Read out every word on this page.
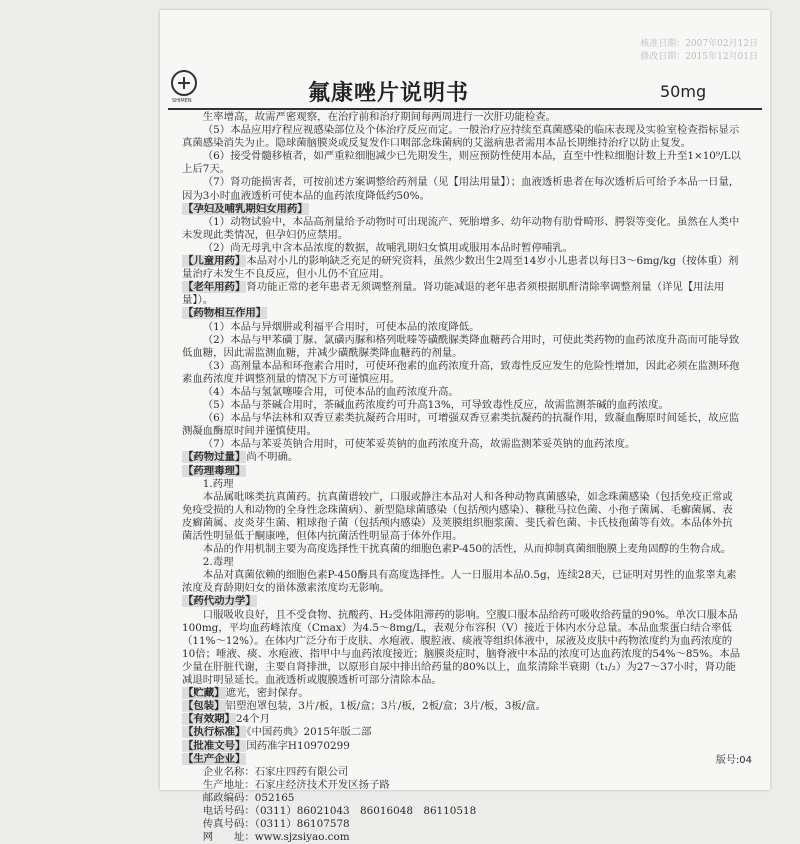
核准日期：2007年02月12日
修改日期：2015年12月01日
SHIMEN	氟康唑片说明书	50mg

生率增高，故需严密观察，在治疗前和治疗期间每两周进行一次肝功能检查。

（5）本品应用疗程应视感染部位及个体治疗反应而定。一般治疗应持续至真菌感染的临床表现及实验室检查指标显示真菌感染消失为止。隐球菌脑膜炎或反复发作口咽部念珠菌病的艾滋病患者需用本品长期维持治疗以防止复发。

（6）接受骨髓移植者，如严重粒细胞减少已先期发生，则应预防性使用本品，直至中性粒细胞计数上升至1×10⁹/L以上后7天。

（7）肾功能损害者，可按前述方案调整给药剂量（见【用法用量】）；血液透析患者在每次透析后可给予本品一日量，因为3小时血液透析可使本品的血药浓度降低约50%。

【孕妇及哺乳期妇女用药】

（1）动物试验中，本品高剂量给予动物时可出现流产、死胎增多、幼年动物有肋骨畸形、腭裂等变化。虽然在人类中未发现此类情况，但孕妇仍应禁用。

（2）尚无母乳中含本品浓度的数据，故哺乳期妇女慎用或服用本品时暂停哺乳。

【儿童用药】本品对小儿的影响缺乏充足的研究资料，虽然少数出生2周至14岁小儿患者以每日3～6mg/kg（按体重）剂量治疗未发生不良反应，但小儿仍不宜应用。

【老年用药】肾功能正常的老年患者无须调整剂量。肾功能减退的老年患者须根据肌酐清除率调整剂量（详见【用法用量】）。

【药物相互作用】

（1）本品与异烟肼或利福平合用时，可使本品的浓度降低。

（2）本品与甲苯磺丁脲、氯磺丙脲和格列吡嗪等磺酰脲类降血糖药合用时，可使此类药物的血药浓度升高而可能导致低血糖，因此需监测血糖，并减少磺酰脲类降血糖药的剂量。

（3）高剂量本品和环孢素合用时，可使环孢素的血药浓度升高，致毒性反应发生的危险性增加，因此必须在监测环孢素血药浓度并调整剂量的情况下方可谨慎应用。

（4）本品与氢氯噻嗪合用，可使本品的血药浓度升高。

（5）本品与茶碱合用时，茶碱血药浓度约可升高13%，可导致毒性反应，故需监测茶碱的血药浓度。

（6）本品与华法林和双香豆素类抗凝药合用时，可增强双香豆素类抗凝药的抗凝作用，致凝血酶原时间延长，故应监测凝血酶原时间并谨慎使用。

（7）本品与苯妥英钠合用时，可使苯妥英钠的血药浓度升高，故需监测苯妥英钠的血药浓度。

【药物过量】尚不明确。

【药理毒理】

1.药理

本品属吡咪类抗真菌药。抗真菌谱较广，口服或静注本品对人和各种动物真菌感染，如念珠菌感染（包括免疫正常或免疫受损的人和动物的全身性念珠菌病）、新型隐球菌感染（包括颅内感染）、糠秕马拉色菌、小孢子菌属、毛癣菌属、表皮癣菌属、皮炎芽生菌、粗球孢子菌（包括颅内感染）及荚膜组织胞浆菌、斐氏着色菌、卡氏枝孢菌等有效。本品体外抗菌活性明显低于酮康唑，但体内抗菌活性明显高于体外作用。

本品的作用机制主要为高度选择性干扰真菌的细胞色素P-450的活性，从而抑制真菌细胞膜上麦角固醇的生物合成。

2.毒理

本品对真菌依赖的细胞色素P-450酶具有高度选择性。人一日服用本品0.5g，连续28天，已证明对男性的血浆睾丸素浓度及育龄期妇女的甾体激素浓度均无影响。

【药代动力学】

口服吸收良好，且不受食物、抗酸药、H₂受体阻滞药的影响。空腹口服本品给药可吸收给药量的90%。单次口服本品100mg，平均血药峰浓度（Cmax）为4.5～8mg/L，表观分布容积（V）接近于体内水分总量。本品血浆蛋白结合率低（11%～12%）。在体内广泛分布于皮肤、水疱液、腹腔液、痰液等组织体液中，尿液及皮肤中药物浓度约为血药浓度的10倍；唾液、痰、水疱液、指甲中与血药浓度接近；脑膜炎症时，脑脊液中本品的浓度可达血药浓度的54%～85%。本品少量在肝脏代谢，主要自肾排泄，以原形自尿中排出给药量的80%以上，血浆清除半衰期（t₁/₂）为27～37小时，肾功能减退时明显延长。血液透析或腹膜透析可部分清除本品。

【贮藏】遮光，密封保存。

【包装】铝塑泡罩包装，3片/板，1板/盒；3片/板，2板/盒；3片/板，3板/盒。

【有效期】24个月

【执行标准】《中国药典》2015年版二部

【批准文号】国药准字H10970299

【生产企业】

企业名称：石家庄四药有限公司

生产地址：石家庄经济技术开发区扬子路

邮政编码：052165

电话号码：（0311）86021043　86016048　86110518

传真号码：（0311）86107578

网　　址：www.sjzsiyao.com

版号:04
